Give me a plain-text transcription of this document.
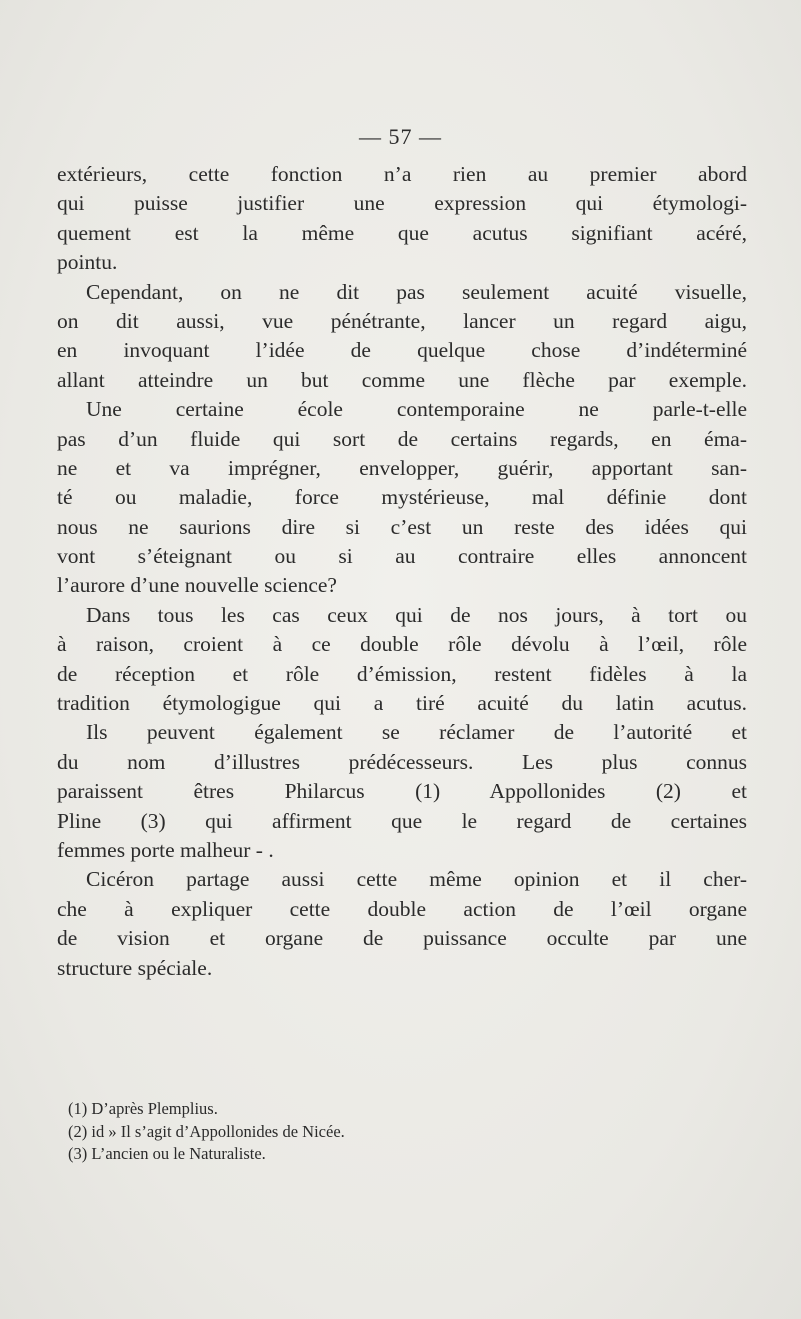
— 57 —
extérieurs, cette fonction n’a rien au premier abord
qui puisse justifier une expression qui étymologi-
quement est la même que acutus signifiant acéré,
pointu.
Cependant, on ne dit pas seulement acuité visuelle,
on dit aussi, vue pénétrante, lancer un regard aigu,
en invoquant l’idée de quelque chose d’indéterminé
allant atteindre un but comme une flèche par exemple.
Une certaine école contemporaine ne parle-t-elle
pas d’un fluide qui sort de certains regards, en éma-
ne et va imprégner, envelopper, guérir, apportant san-
té ou maladie, force mystérieuse, mal définie dont
nous ne saurions dire si c’est un reste des idées qui
vont s’éteignant ou si au contraire elles annoncent
l’aurore d’une nouvelle science?
Dans tous les cas ceux qui de nos jours, à tort ou
à raison, croient à ce double rôle dévolu à l’œil, rôle
de réception et rôle d’émission, restent fidèles à la
tradition étymologigue qui a tiré acuité du latin acutus.
Ils peuvent également se réclamer de l’autorité et
du nom d’illustres prédécesseurs. Les plus connus
paraissent êtres Philarcus (1) Appollonides (2) et
Pline (3) qui affirment que le regard de certaines
femmes porte malheur - .
Cicéron partage aussi cette même opinion et il cher-
che à expliquer cette double action de l’œil organe
de vision et organe de puissance occulte par une
structure spéciale.
(1) D’après Plemplius.
(2) id » Il s’agit d’Appollonides de Nicée.
(3) L’ancien ou le Naturaliste.
